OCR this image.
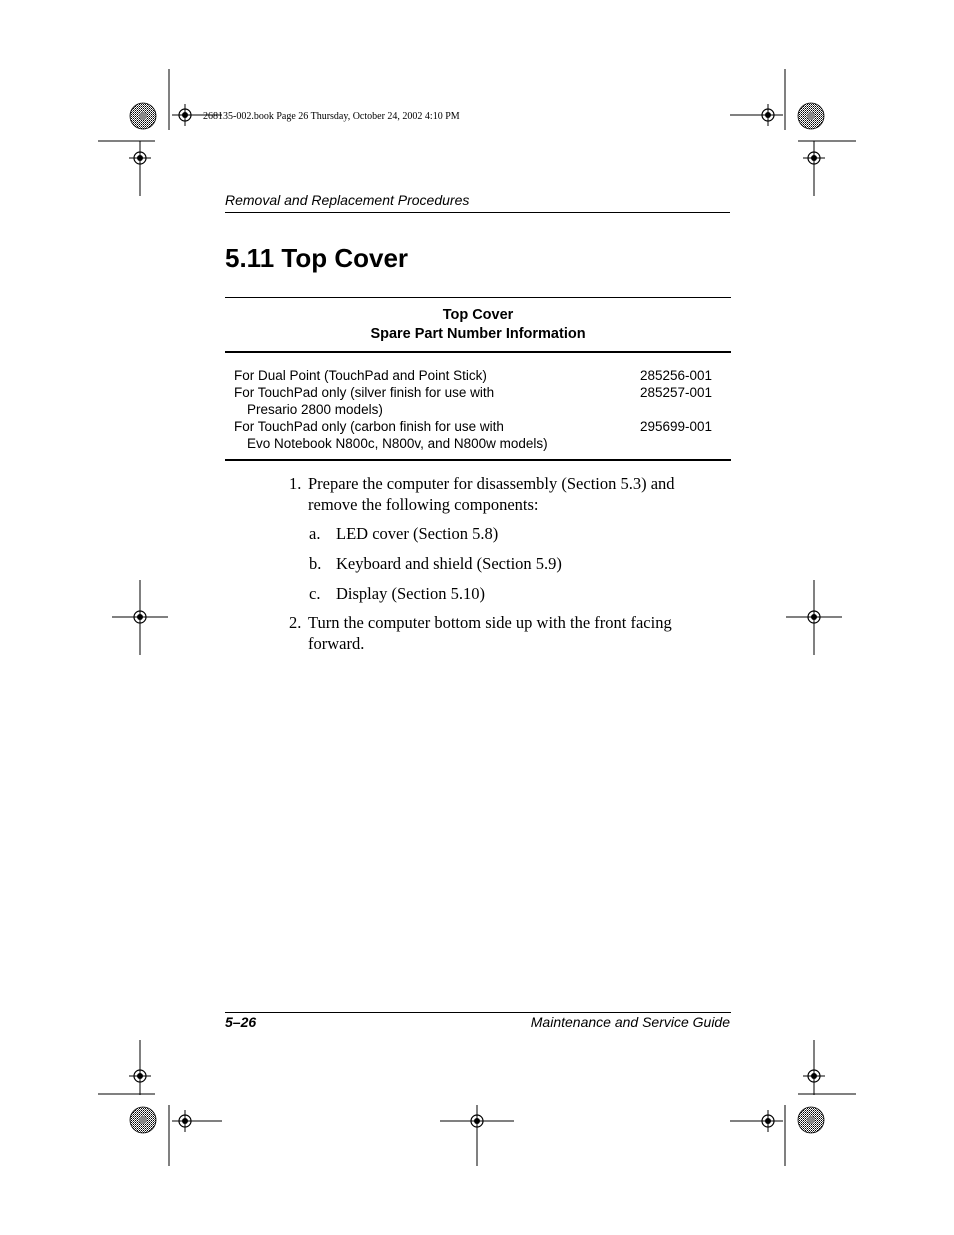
268135-002.book Page 26 Thursday, October 24, 2002 4:10 PM
Removal and Replacement Procedures
5.11 Top Cover
Top Cover
Spare Part Number Information
For Dual Point (TouchPad and Point Stick)	285256-001
For TouchPad only (silver finish for use with
Presario 2800 models)
285257-001
For TouchPad only (carbon finish for use with
Evo Notebook N800c, N800v, and N800w models)
295699-001
1. Prepare the computer for disassembly (Section 5.3) and remove the following components:
a. LED cover (Section 5.8)
b. Keyboard and shield (Section 5.9)
c. Display (Section 5.10)
2. Turn the computer bottom side up with the front facing forward.
5–26	Maintenance and Service Guide
